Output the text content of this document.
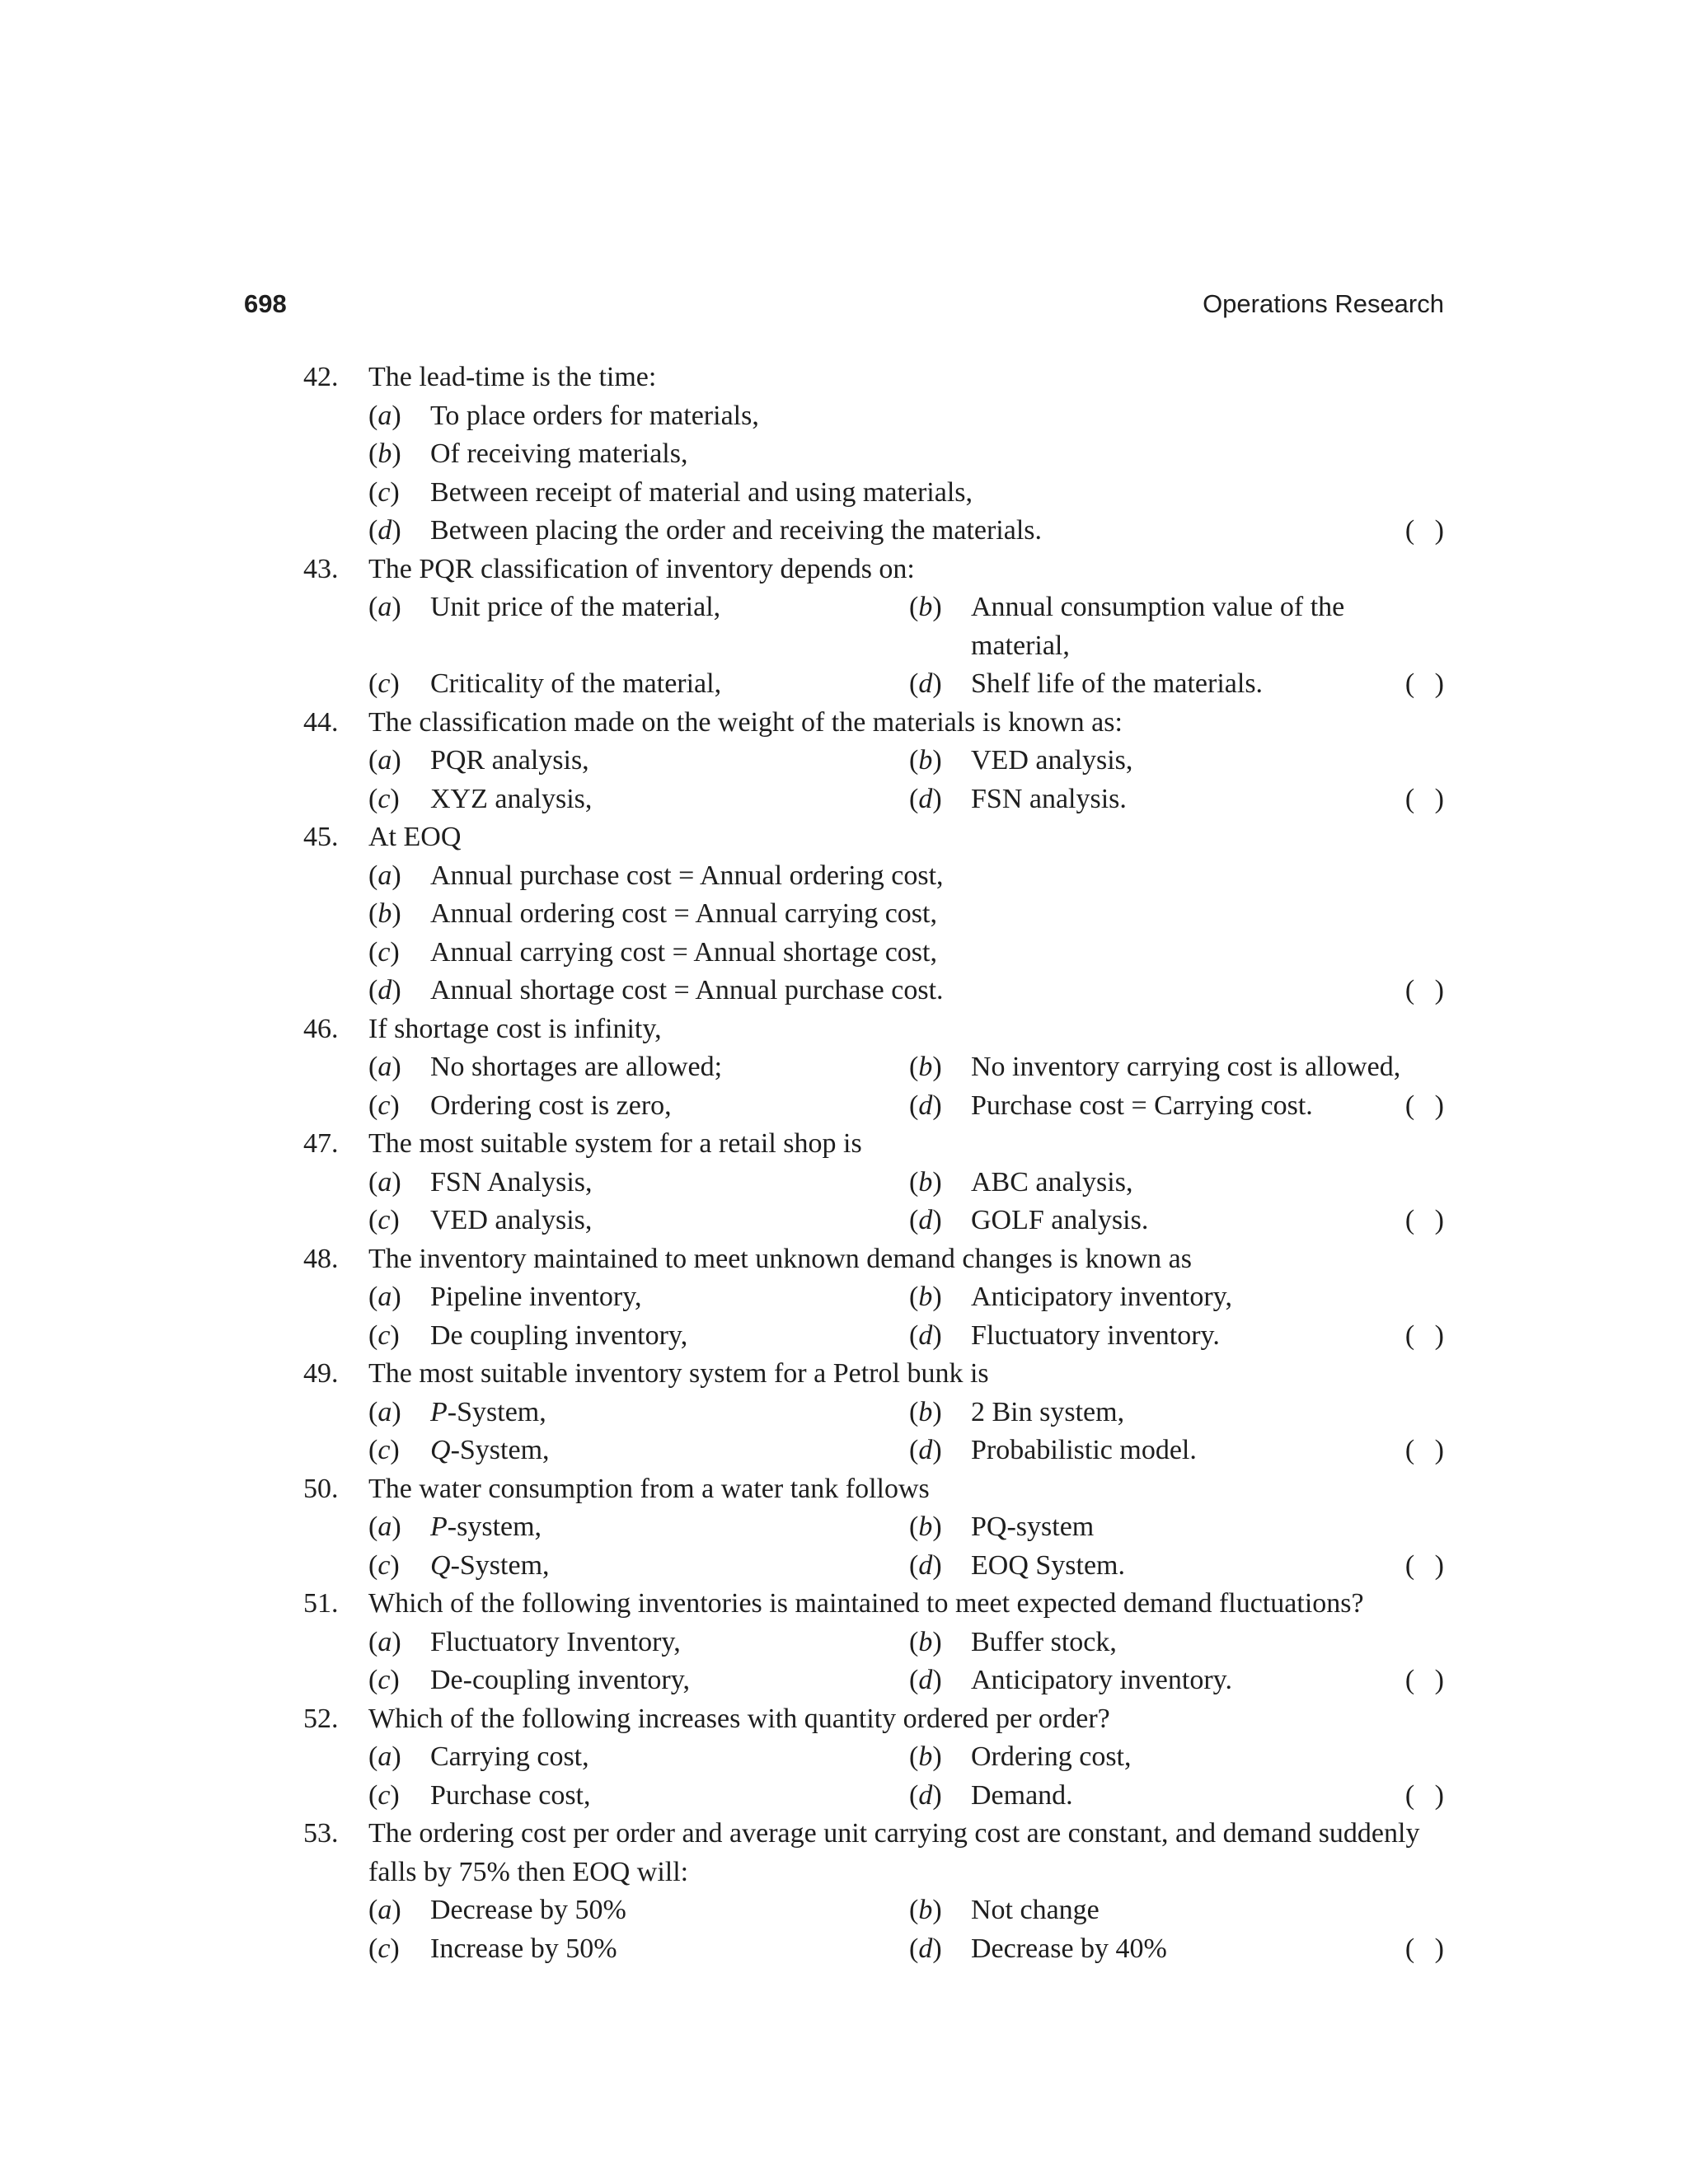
698	Operations Research
42.	The lead-time is the time:
(a)	To place orders for materials,
(b)	Of receiving materials,
(c)	Between receipt of material and using materials,
(d)	Between placing the order and receiving the materials.	( )
43.	The PQR classification of inventory depends on:
(a)	Unit price of the material,	(b)	Annual consumption value of the material,
(c)	Criticality of the material,	(d)	Shelf life of the materials.	( )
44.	The classification made on the weight of the materials is known as:
(a)	PQR analysis,	(b)	VED analysis,
(c)	XYZ analysis,	(d)	FSN analysis.	( )
45.	At EOQ
(a)	Annual purchase cost = Annual ordering cost,
(b)	Annual ordering cost = Annual carrying cost,
(c)	Annual carrying cost = Annual shortage cost,
(d)	Annual shortage cost = Annual purchase cost.	( )
46.	If shortage cost is infinity,
(a)	No shortages are allowed;	(b)	No inventory carrying cost is allowed,
(c)	Ordering cost is zero,	(d)	Purchase cost = Carrying cost.	( )
47.	The most suitable system for a retail shop is
(a)	FSN Analysis,	(b)	ABC analysis,
(c)	VED analysis,	(d)	GOLF analysis.	( )
48.	The inventory maintained to meet unknown demand changes is known as
(a)	Pipeline inventory,	(b)	Anticipatory inventory,
(c)	De coupling inventory,	(d)	Fluctuatory inventory.	( )
49.	The most suitable inventory system for a Petrol bunk is
(a)	P-System,	(b)	2 Bin system,
(c)	Q-System,	(d)	Probabilistic model.	( )
50.	The water consumption from a water tank follows
(a)	P-system,	(b)	PQ-system
(c)	Q-System,	(d)	EOQ System.	( )
51.	Which of the following inventories is maintained to meet expected demand fluctuations?
(a)	Fluctuatory Inventory,	(b)	Buffer stock,
(c)	De-coupling inventory,	(d)	Anticipatory inventory.	( )
52.	Which of the following increases with quantity ordered per order?
(a)	Carrying cost,	(b)	Ordering cost,
(c)	Purchase cost,	(d)	Demand.	( )
53.	The ordering cost per order and average unit carrying cost are constant, and demand suddenly falls by 75% then EOQ will:
(a)	Decrease by 50%	(b)	Not change
(c)	Increase by 50%	(d)	Decrease by 40%	( )
